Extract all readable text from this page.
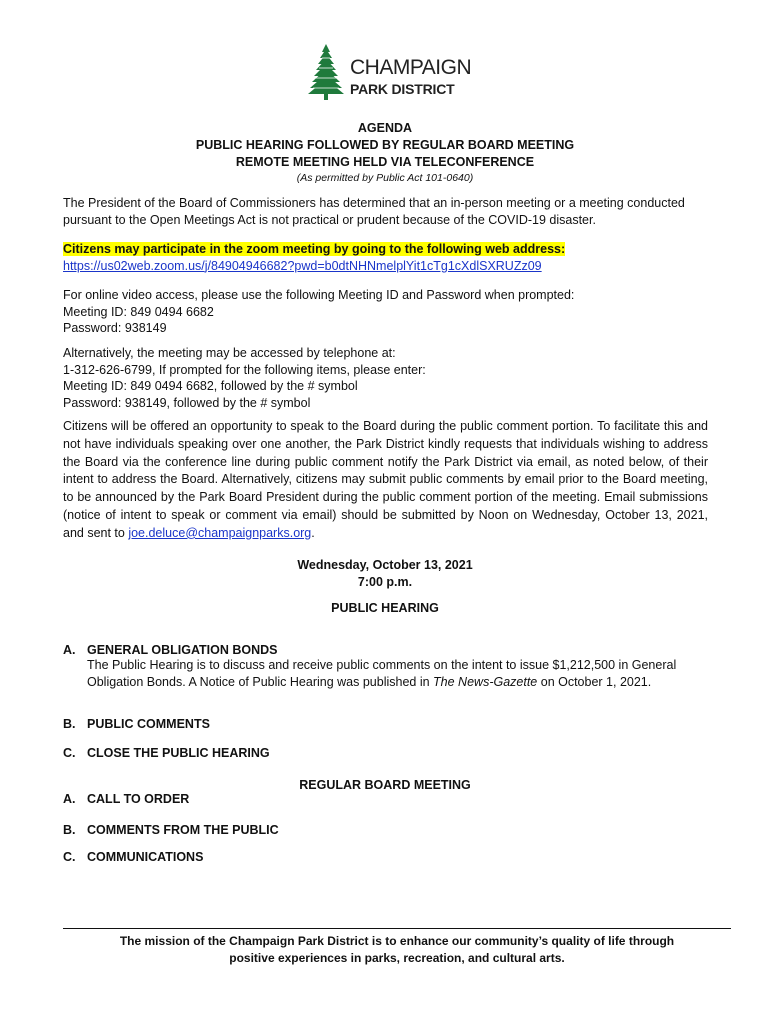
CHAMPAIGN
PARK DISTRICT
AGENDA
PUBLIC HEARING FOLLOWED BY REGULAR BOARD MEETING
REMOTE MEETING HELD VIA TELECONFERENCE
(As permitted by Public Act 101-0640)
The President of the Board of Commissioners has determined that an in-person meeting or a meeting conducted pursuant to the Open Meetings Act is not practical or prudent because of the COVID-19 disaster.
Citizens may participate in the zoom meeting by going to the following web address:
https://us02web.zoom.us/j/84904946682?pwd=b0dtNHNmelplYit1cTg1cXdlSXRUZz09
For online video access, please use the following Meeting ID and Password when prompted:
Meeting ID: 849 0494 6682
Password: 938149
Alternatively, the meeting may be accessed by telephone at:
1-312-626-6799, If prompted for the following items, please enter:
Meeting ID: 849 0494 6682, followed by the # symbol
Password: 938149, followed by the # symbol
Citizens will be offered an opportunity to speak to the Board during the public comment portion. To facilitate this and not have individuals speaking over one another, the Park District kindly requests that individuals wishing to address the Board via the conference line during public comment notify the Park District via email, as noted below, of their intent to address the Board. Alternatively, citizens may submit public comments by email prior to the Board meeting, to be announced by the Park Board President during the public comment portion of the meeting. Email submissions (notice of intent to speak or comment via email) should be submitted by Noon on Wednesday, October 13, 2021, and sent to joe.deluce@champaignparks.org.
Wednesday, October 13, 2021
7:00 p.m.
PUBLIC HEARING
A. GENERAL OBLIGATION BONDS
The Public Hearing is to discuss and receive public comments on the intent to issue $1,212,500 in General Obligation Bonds. A Notice of Public Hearing was published in The News-Gazette on October 1, 2021.
B. PUBLIC COMMENTS
C. CLOSE THE PUBLIC HEARING
REGULAR BOARD MEETING
A. CALL TO ORDER
B. COMMENTS FROM THE PUBLIC
C. COMMUNICATIONS
The mission of the Champaign Park District is to enhance our community’s quality of life through
positive experiences in parks, recreation, and cultural arts.
